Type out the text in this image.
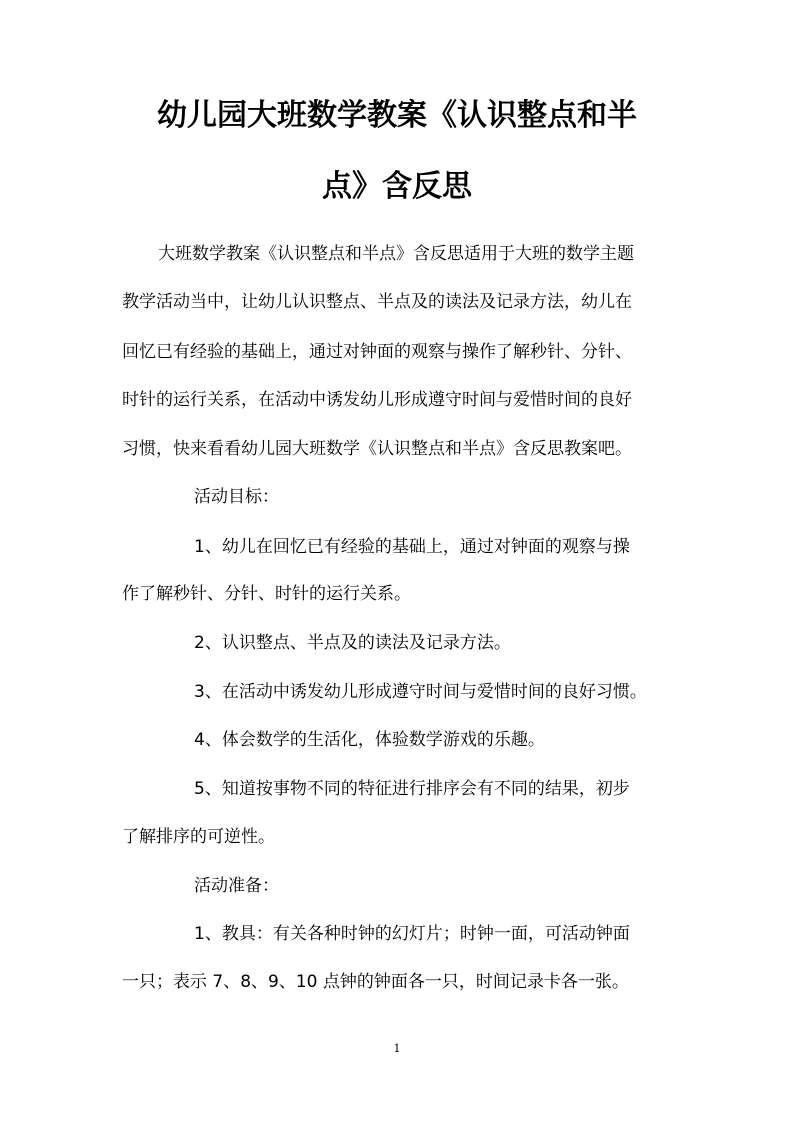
幼儿园大班数学教案《认识整点和半
点》含反思

大班数学教案《认识整点和半点》含反思适用于大班的数学主题

教学活动当中，让幼儿认识整点、半点及的读法及记录方法，幼儿在

回忆已有经验的基础上，通过对钟面的观察与操作了解秒针、分针、

时针的运行关系，在活动中诱发幼儿形成遵守时间与爱惜时间的良好

习惯，快来看看幼儿园大班数学《认识整点和半点》含反思教案吧。

活动目标：

1、幼儿在回忆已有经验的基础上，通过对钟面的观察与操

作了解秒针、分针、时针的运行关系。

2、认识整点、半点及的读法及记录方法。

3、在活动中诱发幼儿形成遵守时间与爱惜时间的良好习惯。

4、体会数学的生活化，体验数学游戏的乐趣。

5、知道按事物不同的特征进行排序会有不同的结果，初步

了解排序的可逆性。

活动准备：

1、教具：有关各种时钟的幻灯片；时钟一面，可活动钟面

一只；表示 7、8、9、10 点钟的钟面各一只，时间记录卡各一张。

1
